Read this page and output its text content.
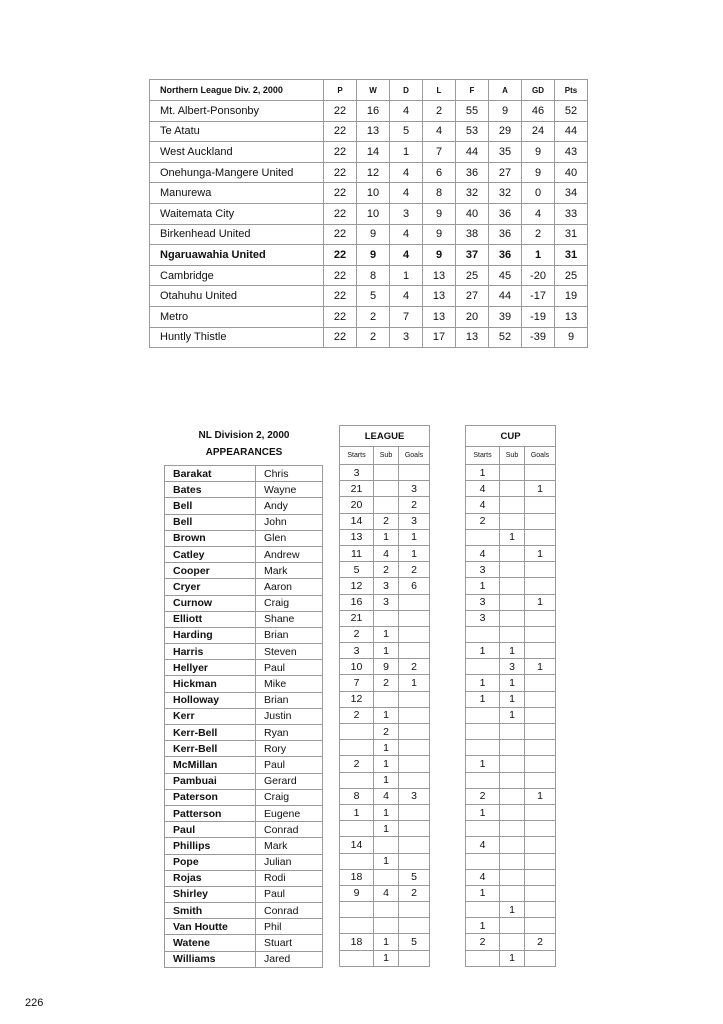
Northern League Div. 2, 2000	P	W	D	L	F	A	GD	Pts
Mt. Albert-Ponsonby	22	16	4	2	55	9	46	52
Te Atatu	22	13	5	4	53	29	24	44
West Auckland	22	14	1	7	44	35	9	43
Onehunga-Mangere United	22	12	4	6	36	27	9	40
Manurewa	22	10	4	8	32	32	0	34
Waitemata City	22	10	3	9	40	36	4	33
Birkenhead United	22	9	4	9	38	36	2	31
Ngaruawahia United	22	9	4	9	37	36	1	31
Cambridge	22	8	1	13	25	45	-20	25
Otahuhu United	22	5	4	13	27	44	-17	19
Metro	22	2	7	13	20	39	-19	13
Huntly Thistle	22	2	3	17	13	52	-39	9
NL Division 2, 2000
APPEARANCES
Barakat	Chris
Bates	Wayne
Bell	Andy
Bell	John
Brown	Glen
Catley	Andrew
Cooper	Mark
Cryer	Aaron
Curnow	Craig
Elliott	Shane
Harding	Brian
Harris	Steven
Hellyer	Paul
Hickman	Mike
Holloway	Brian
Kerr	Justin
Kerr-Bell	Ryan
Kerr-Bell	Rory
McMillan	Paul
Pambuai	Gerard
Paterson	Craig
Patterson	Eugene
Paul	Conrad
Phillips	Mark
Pope	Julian
Rojas	Rodi
Shirley	Paul
Smith	Conrad
Van Houtte	Phil
Watene	Stuart
Williams	Jared
LEAGUE		
Starts	Sub	Goals
3		
21		3
20		2
14	2	3
13	1	1
11	4	1
5	2	2
12	3	6
16	3	
21		
2	1	
3	1	
10	9	2
7	2	1
12		
2	1	
	2	
	1	
2	1	
	1	
8	4	3
1	1	
	1	
14		
	1	
18		5
9	4	2

18	1	5
	1	
CUP		
Starts	Sub	Goals
1		
4		1
4		
2		
	1	
4		1
3		
1		
3		1
3		

1	1	
	3	1
1	1	
1	1	
	1	

1		

2		1
1		

4		

4		
1		
	1	
1		
2		2
	1	
226
